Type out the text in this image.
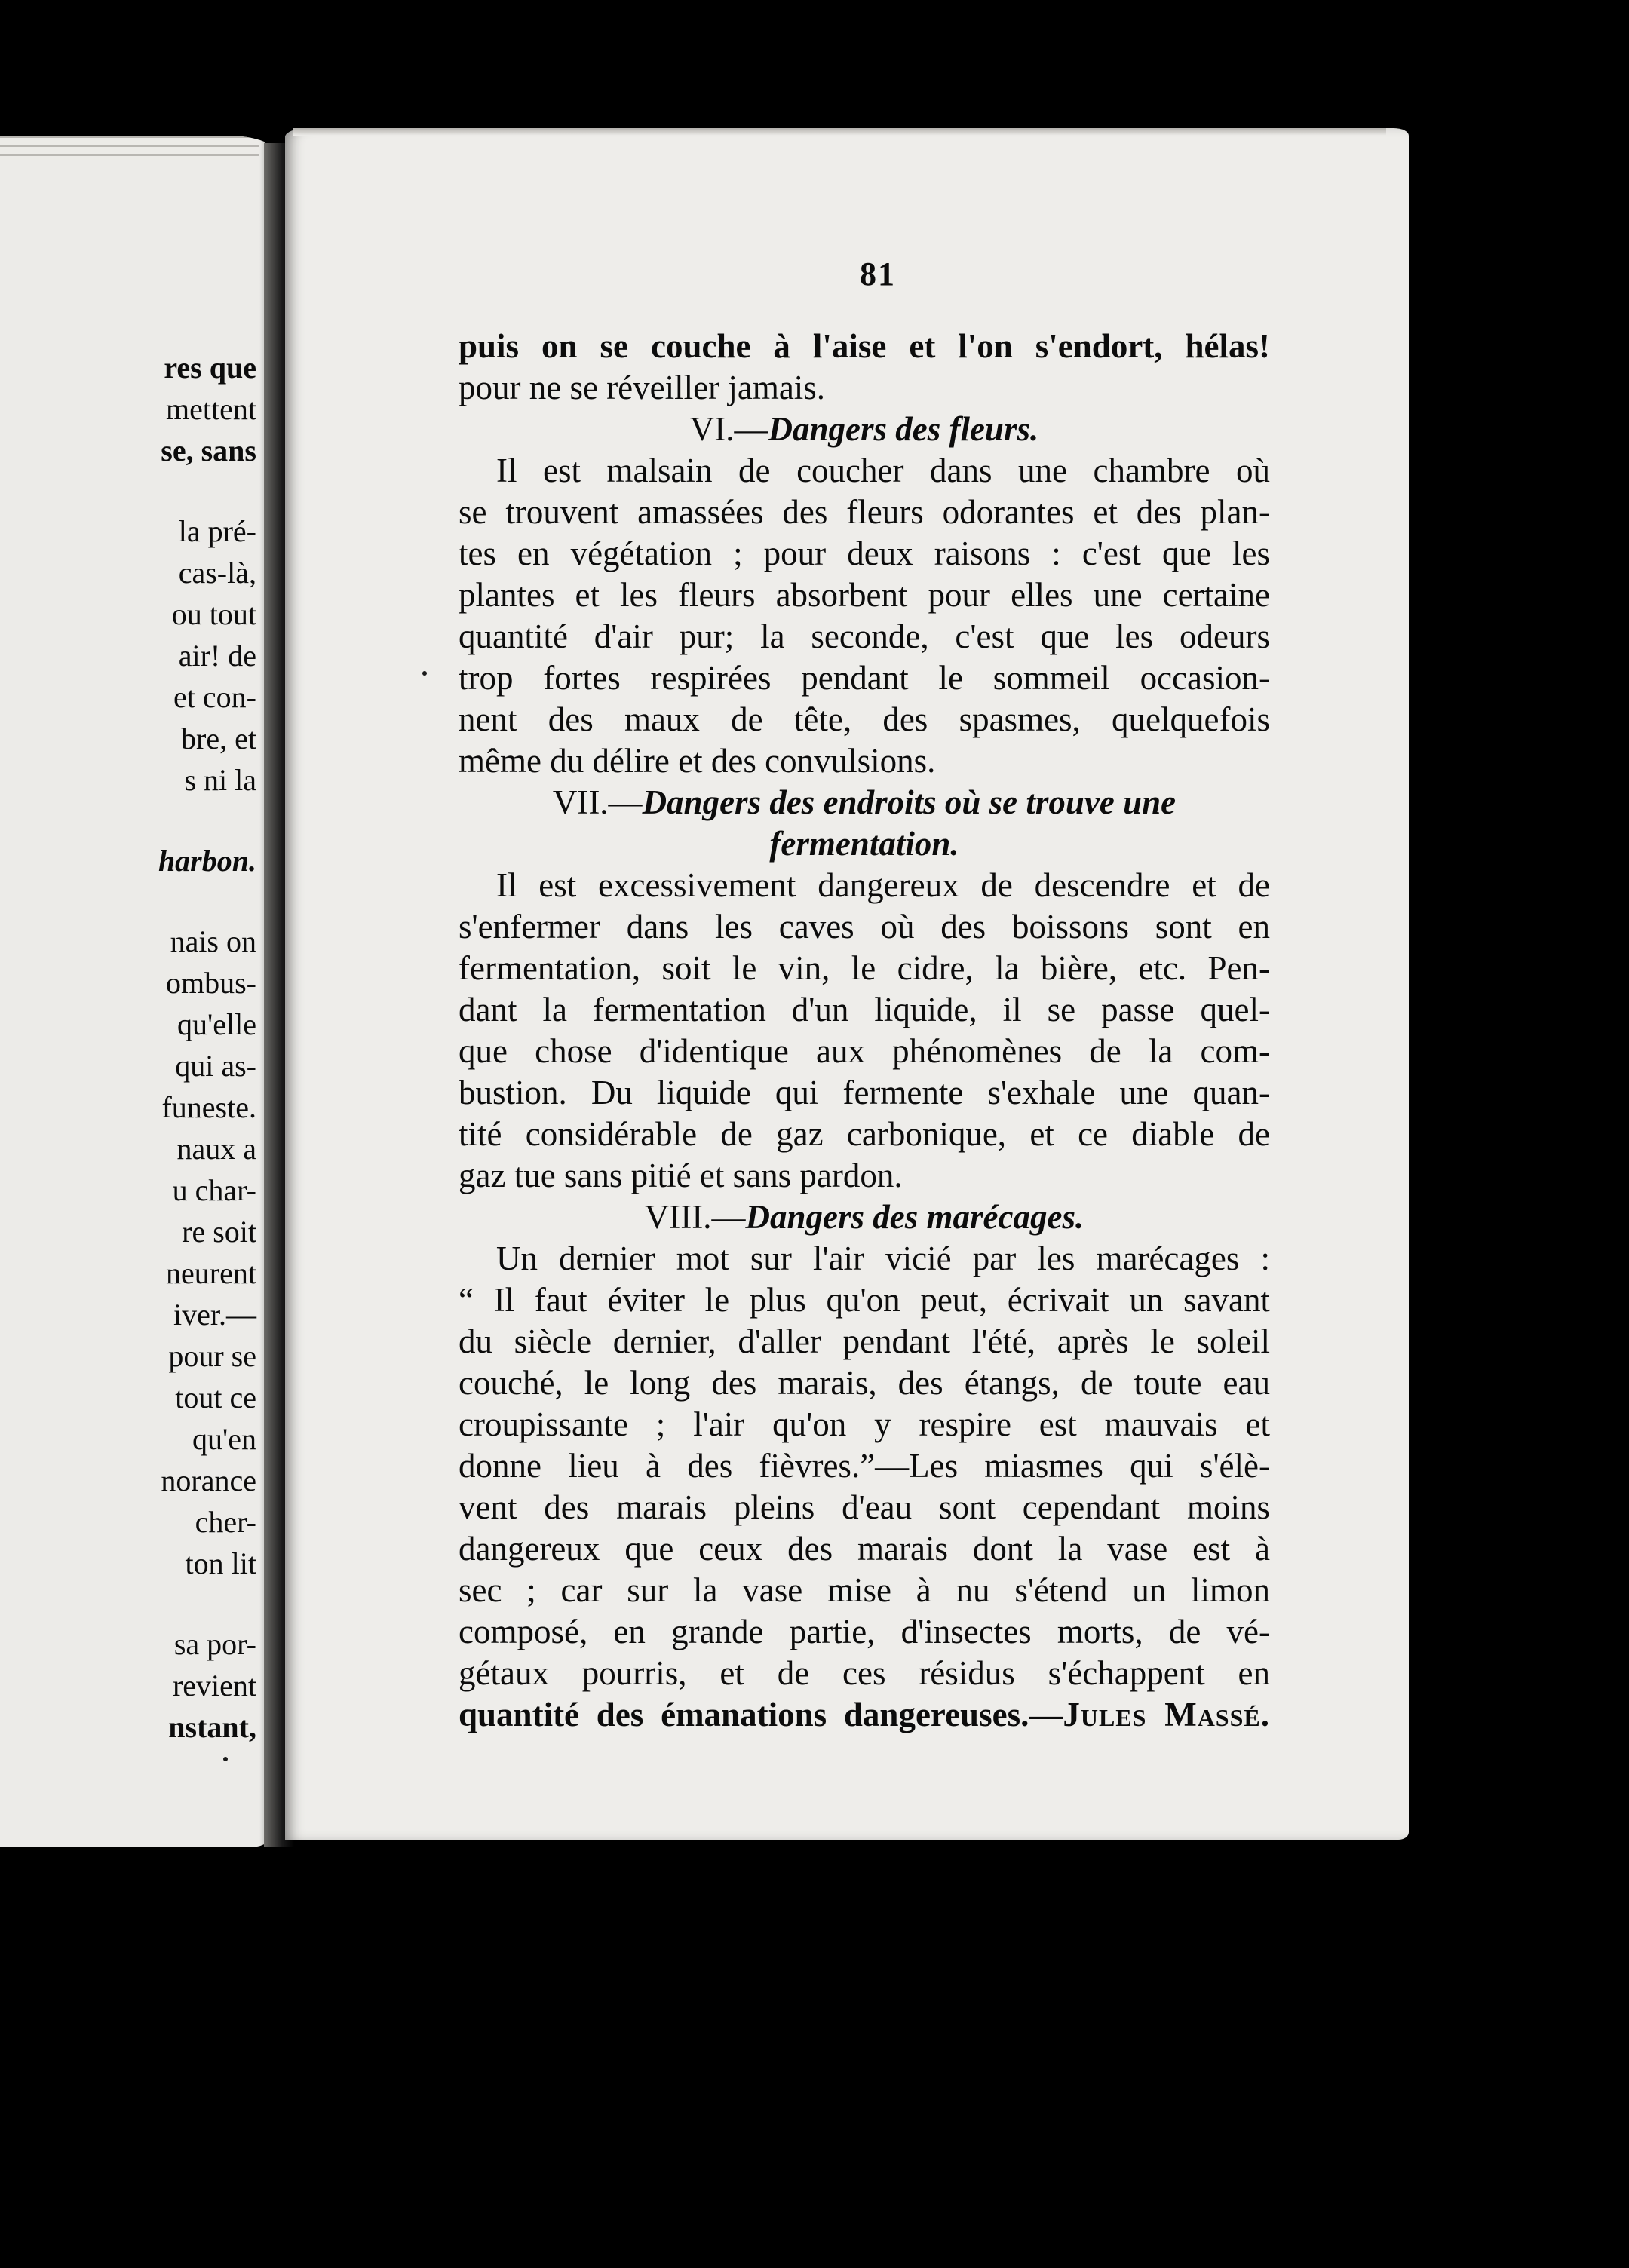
res que
mettent
se, sans
la pré-
cas-là,
ou tout
air! de
et con-
bre, et
s ni la
harbon.
nais on
ombus-
qu'elle
qui as-
funeste.
naux a
u char-
re soit
neurent
iver.—
pour se
tout ce
qu'en
norance
cher-
ton lit
sa por-
revient
nstant,
81
puis on se couche à l'aise et l'on s'endort, hélas!
pour ne se réveiller jamais.
VI.—Dangers des fleurs.
Il est malsain de coucher dans une chambre où
se trouvent amassées des fleurs odorantes et des plan-
tes en végétation ; pour deux raisons : c'est que les
plantes et les fleurs absorbent pour elles une certaine
quantité d'air pur; la seconde, c'est que les odeurs
trop fortes respirées pendant le sommeil occasion-
nent des maux de tête, des spasmes, quelquefois
même du délire et des convulsions.
VII.—Dangers des endroits où se trouve une
fermentation.
Il est excessivement dangereux de descendre et de
s'enfermer dans les caves où des boissons sont en
fermentation, soit le vin, le cidre, la bière, etc. Pen-
dant la fermentation d'un liquide, il se passe quel-
que chose d'identique aux phénomènes de la com-
bustion. Du liquide qui fermente s'exhale une quan-
tité considérable de gaz carbonique, et ce diable de
gaz tue sans pitié et sans pardon.
VIII.—Dangers des marécages.
Un dernier mot sur l'air vicié par les marécages :
“ Il faut éviter le plus qu'on peut, écrivait un savant
du siècle dernier, d'aller pendant l'été, après le soleil
couché, le long des marais, des étangs, de toute eau
croupissante ; l'air qu'on y respire est mauvais et
donne lieu à des fièvres.”—Les miasmes qui s'élè-
vent des marais pleins d'eau sont cependant moins
dangereux que ceux des marais dont la vase est à
sec ; car sur la vase mise à nu s'étend un limon
composé, en grande partie, d'insectes morts, de vé-
gétaux pourris, et de ces résidus s'échappent en
quantité des émanations dangereuses.—Jules Massé.
